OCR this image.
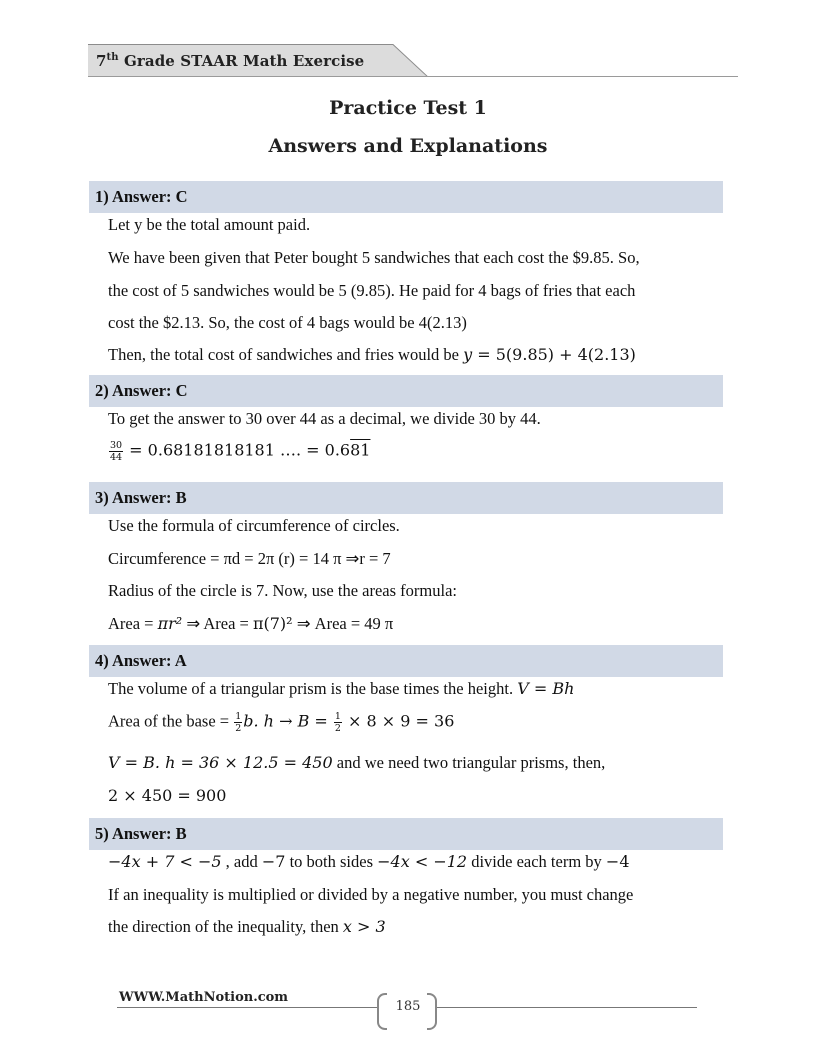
7th Grade STAAR Math Exercise
Practice Test 1
Answers and Explanations
1) Answer: C
Let y be the total amount paid.
We have been given that Peter bought 5 sandwiches that each cost the $9.85. So,
the cost of 5 sandwiches would be 5 (9.85). He paid for 4 bags of fries that each
cost the $2.13. So, the cost of 4 bags would be 4(2.13)
Then, the total cost of sandwiches and fries would be y = 5(9.85) + 4(2.13)
2) Answer: C
To get the answer to 30 over 44 as a decimal, we divide 30 by 44.
$\frac{30}{44} = 0.68181818181$ …. = 0.681
3) Answer: B
Use the formula of circumference of circles.
Circumference = πd = 2π (r) = 14 π ⇒r = 7
Radius of the circle is 7. Now, use the areas formula:
Area = πr² ⇒ Area = π(7)² ⇒ Area = 49 π
4) Answer: A
The volume of a triangular prism is the base times the height. V = Bh
Area of the base = $\frac{1}{2} b$. $h \to B = \frac{1}{2} \times 8 \times 9 = 36$
V = B. h = 36 × 12.5 = 450 and we need two triangular prisms, then,
2 × 450 = 900
5) Answer: B
−4x + 7 < −5 , add −7 to both sides −4x < −12 divide each term by −4
If an inequality is multiplied or divided by a negative number, you must change
the direction of the inequality, then x > 3
WWW.MathNotion.com
185
